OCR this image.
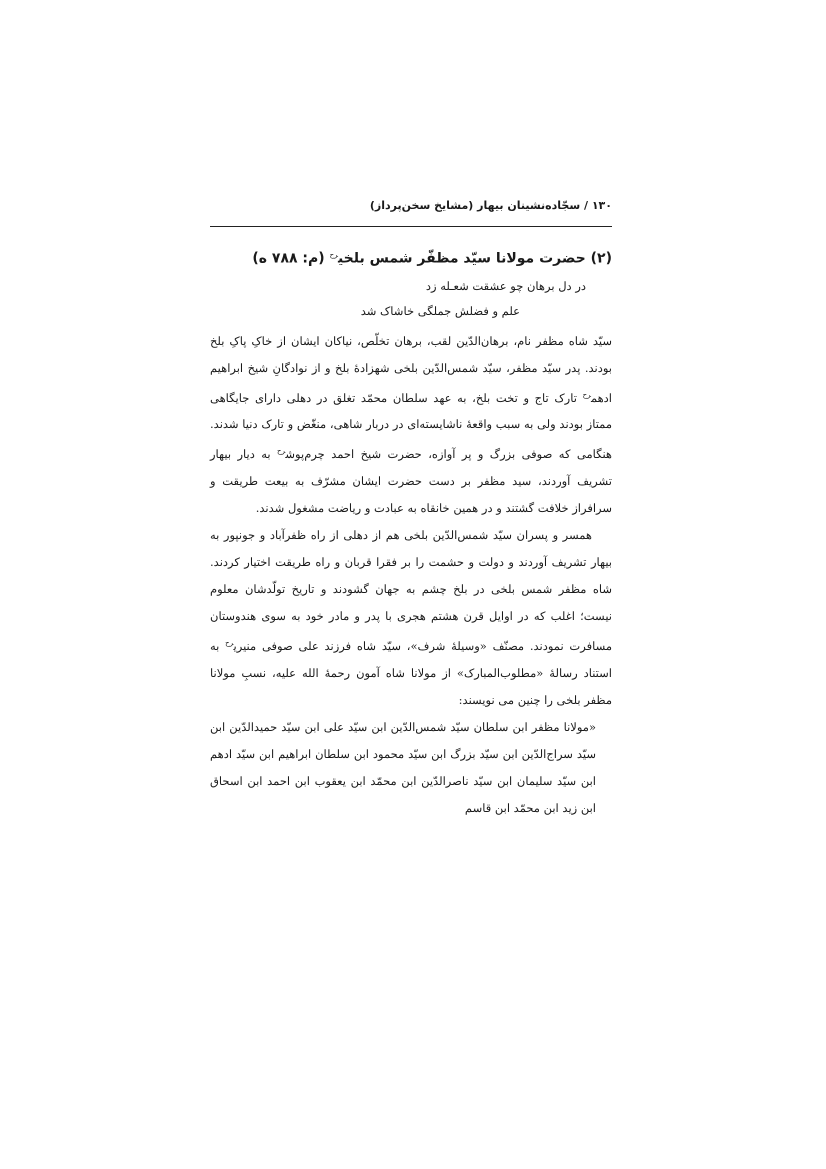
۱۳۰ / سجّاده‌نشینان بیهار (مشایخ سخن‌پرداز)
(۲) حضرت مولانا سیّد مظفّر شمس بلخی$^{رح}$ (م: ۷۸۸ ه)
در دل برهان چو عشقت شعـله زد
علم و فضلش جملگی خاشاک شد

سیّد شاه مظفر نام، برهان‌الدّین لقب، برهان تخلّص، نیاکان ایشان از خاکِ پاکِ بلخ بودند. پدر سیّد مظفر، سیّد شمس‌الدّین بلخی شهزادهٔ بلخ و از نوادگانِ شیخ ابراهیم ادهم$^{رح}$ تارک تاج و تخت بلخ، به عهد سلطان محمّد تغلق در دهلی دارای جایگاهی ممتاز بودند ولی به سبب واقعهٔ ناشایسته‌ای در دربار شاهی، منغّض و تارک دنیا شدند. هنگامی که صوفی بزرگ و پر آوازه، حضرت شیخ احمد چرم‌پوش$^{رح}$ به دیار بیهار تشریف آوردند، سید مظفر بر دست حضرت ایشان مشرّف به بیعت طریقت و سرافراز خلافت گشتند و در همین خانقاه به عبادت و ریاضت مشغول شدند.

همسر و پسران سیّد شمس‌الدّین بلخی هم از دهلی از راه ظفرآباد و جونپور به بیهار تشریف آوردند و دولت و حشمت را بر فقرا قربان و راه طریقت اختیار کردند. شاه مظفر شمس بلخی در بلخ چشم به جهان گشودند و تاریخ تولّدشان معلوم نیست؛ اغلب که در اوایل قرن هشتم هجری با پدر و مادر خود به سوی هندوستان مسافرت نمودند. مصنّف «وسیلهٔ شرف»، سیّد شاه فرزند علی صوفی منیری$^{رح}$ به استناد رسالهٔ «مطلوب‌المبارک» از مولانا شاه آمون رحمهٔ الله علیه، نسبِ مولانا مظفر بلخی را چنین می نویسند:

«مولانا مظفر ابن سلطان سیّد شمس‌الدّین ابن سیّد علی ابن سیّد حمیدالدّین ابن سیّد سراج‌الدّین ابن سیّد بزرگ ابن سیّد محمود ابن سلطان ابراهیم ابن سیّد ادهم ابن سیّد سلیمان ابن سیّد ناصرالدّین ابن محمّد ابن یعقوب ابن احمد ابن اسحاق ابن زید ابن محمّد ابن قاسم
